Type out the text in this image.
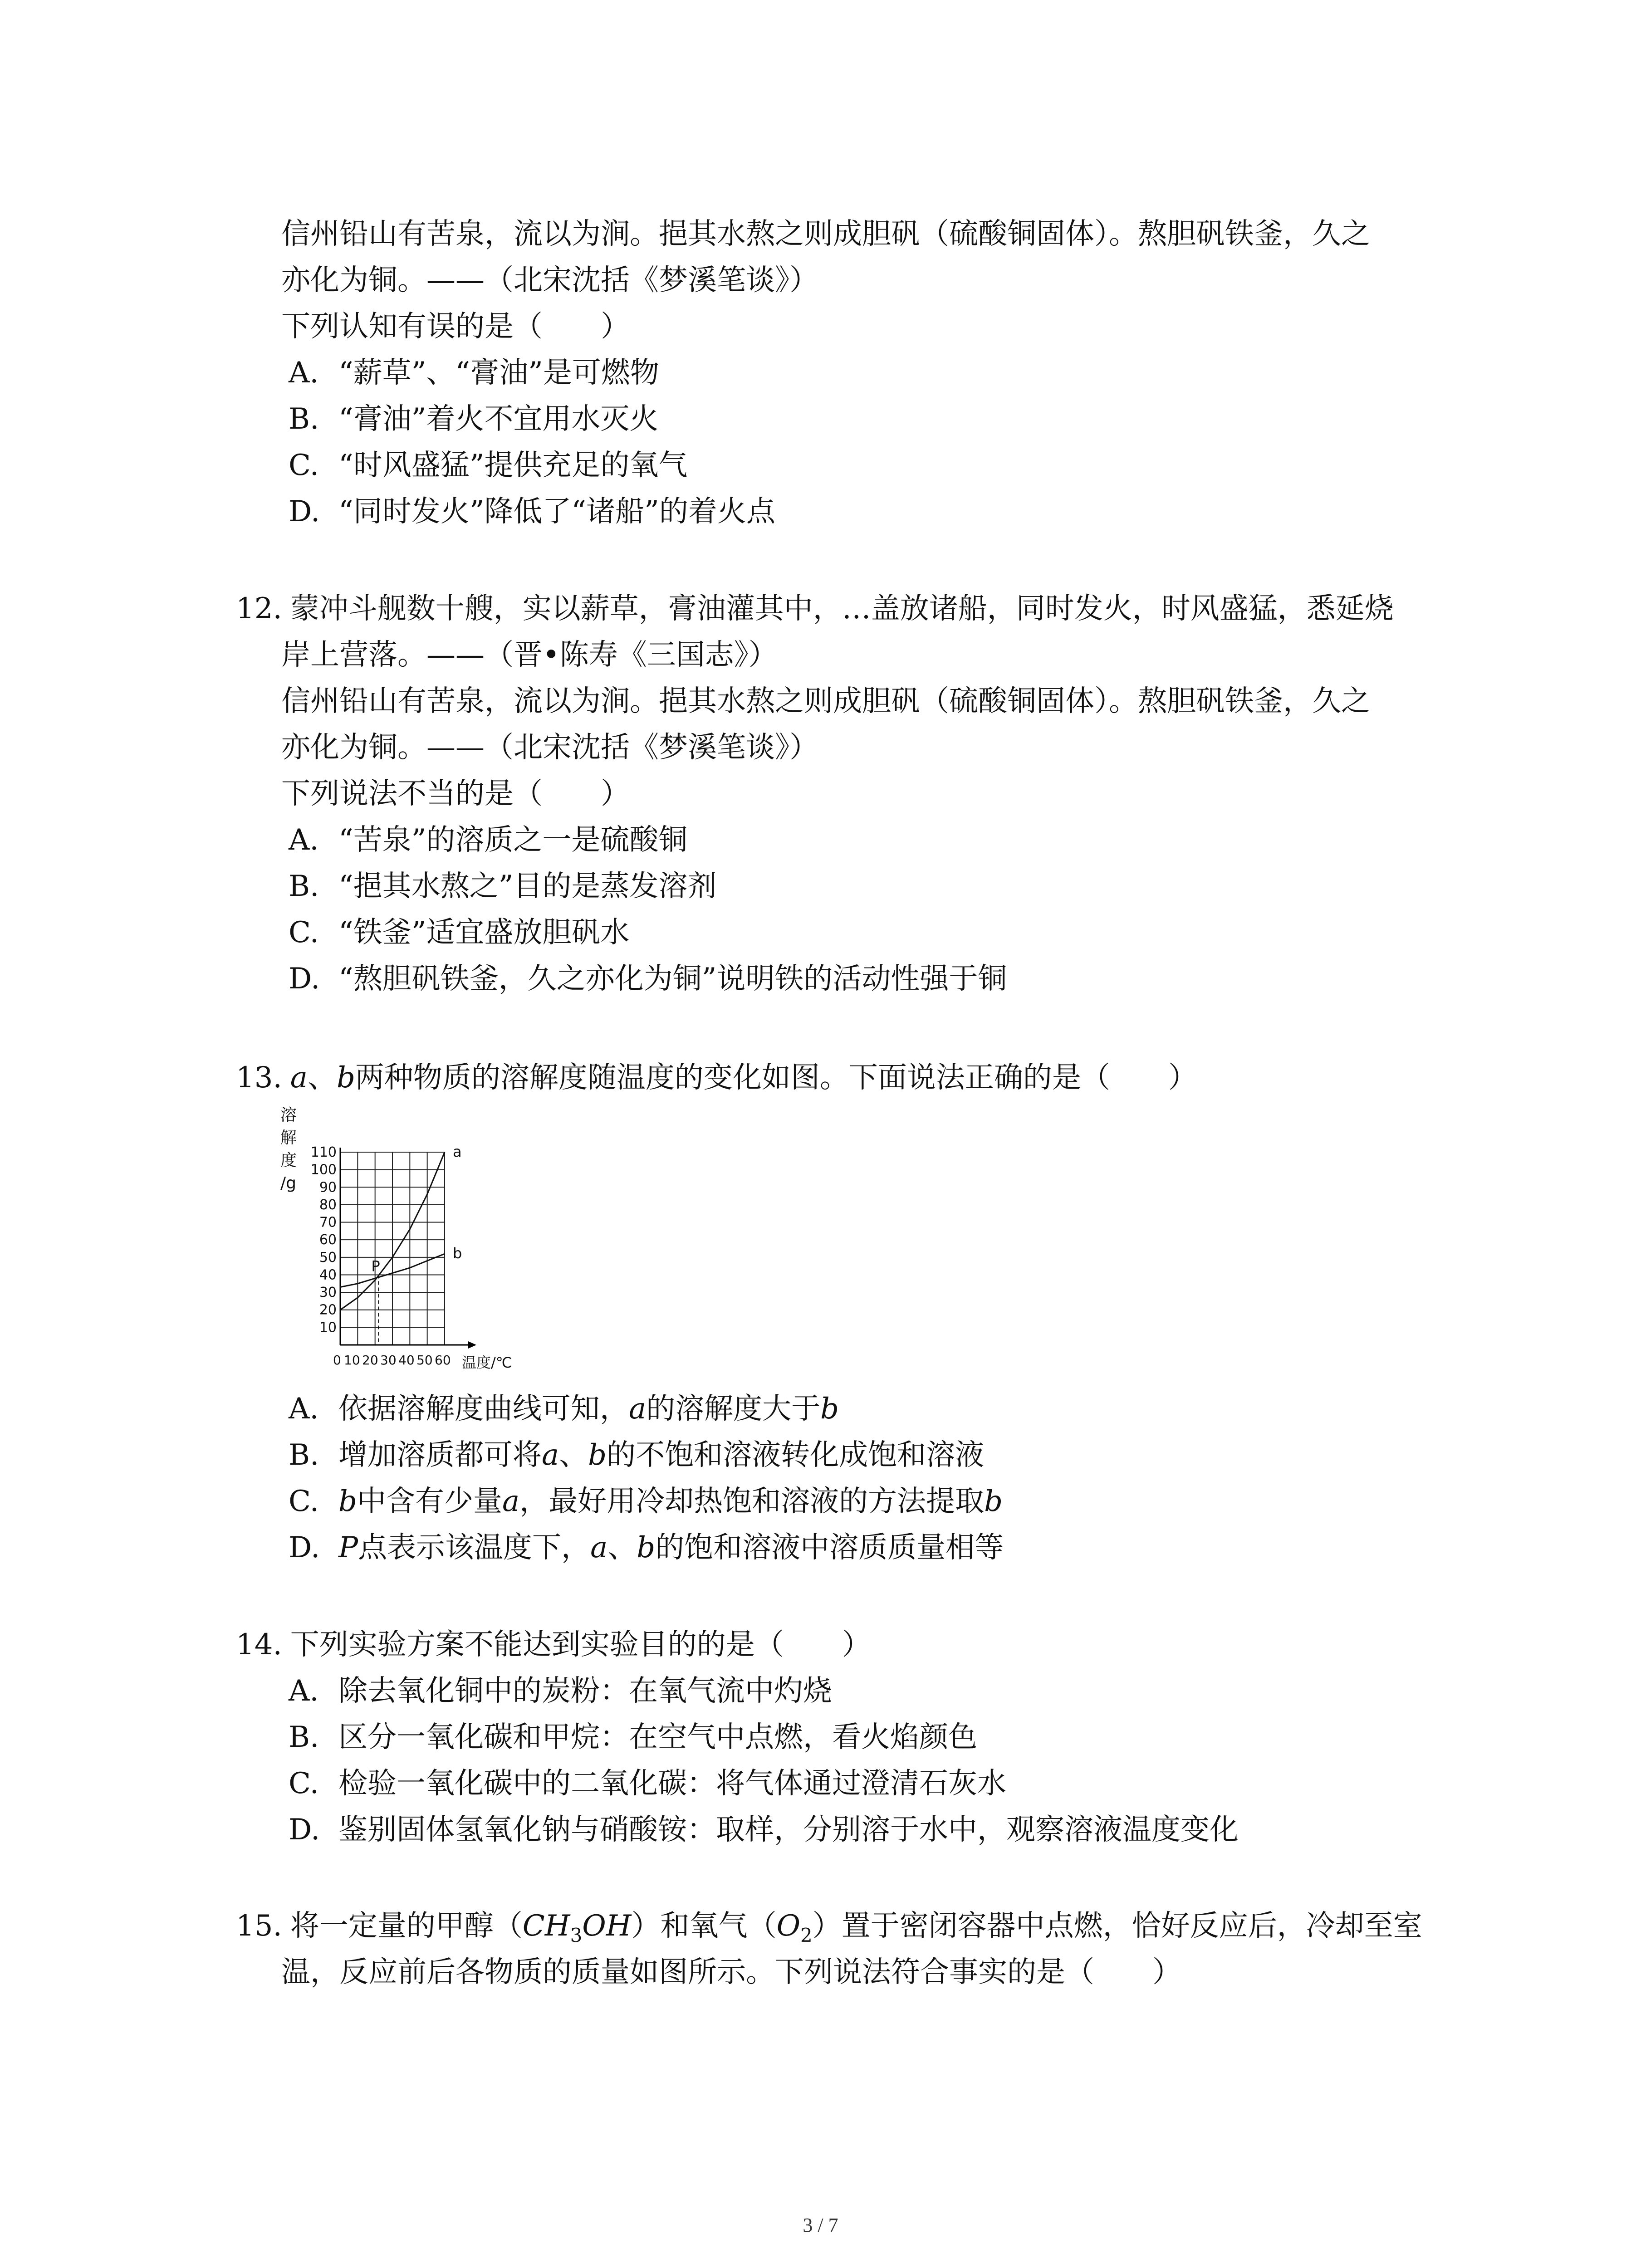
信州铅山有苦泉，流以为涧。挹其水熬之则成胆矾（硫酸铜固体）。熬胆矾铁釜，久之
亦化为铜。——（北宋沈括《梦溪笔谈》）
下列认知有误的是（　　）
A. “薪草”、“膏油”是可燃物
B. “膏油”着火不宜用水灭火
C. “时风盛猛”提供充足的氧气
D. “同时发火”降低了“诸船”的着火点
12. 蒙冲斗舰数十艘，实以薪草，膏油灌其中，…盖放诸船，同时发火，时风盛猛，悉延烧
岸上营落。——（晋•陈寿《三国志》）
信州铅山有苦泉，流以为涧。挹其水熬之则成胆矾（硫酸铜固体）。熬胆矾铁釜，久之
亦化为铜。——（北宋沈括《梦溪笔谈》）
下列说法不当的是（　　）
A. “苦泉”的溶质之一是硫酸铜
B. “挹其水熬之”目的是蒸发溶剂
C. “铁釜”适宜盛放胆矾水
D. “熬胆矾铁釜，久之亦化为铜”说明铁的活动性强于铜
13. a、b两种物质的溶解度随温度的变化如图。下面说法正确的是（　　）
溶
解
度
/g
10
20
30
40
50
60
70
80
90
100
110
0 10 20 30 40 50 60 温度/℃
a
b
P
A. 依据溶解度曲线可知，a的溶解度大于b
B. 增加溶质都可将a、b的不饱和溶液转化成饱和溶液
C. b中含有少量a，最好用冷却热饱和溶液的方法提取b
D. P点表示该温度下，a、b的饱和溶液中溶质质量相等
14. 下列实验方案不能达到实验目的的是（　　）
A. 除去氧化铜中的炭粉：在氧气流中灼烧
B. 区分一氧化碳和甲烷：在空气中点燃，看火焰颜色
C. 检验一氧化碳中的二氧化碳：将气体通过澄清石灰水
D. 鉴别固体氢氧化钠与硝酸铵：取样，分别溶于水中，观察溶液温度变化
15. 将一定量的甲醇$(CH_3OH)$和氧气$(O_2)$置于密闭容器中点燃，恰好反应后，冷却至室
温，反应前后各物质的质量如图所示。下列说法符合事实的是（　　）
3 / 7
